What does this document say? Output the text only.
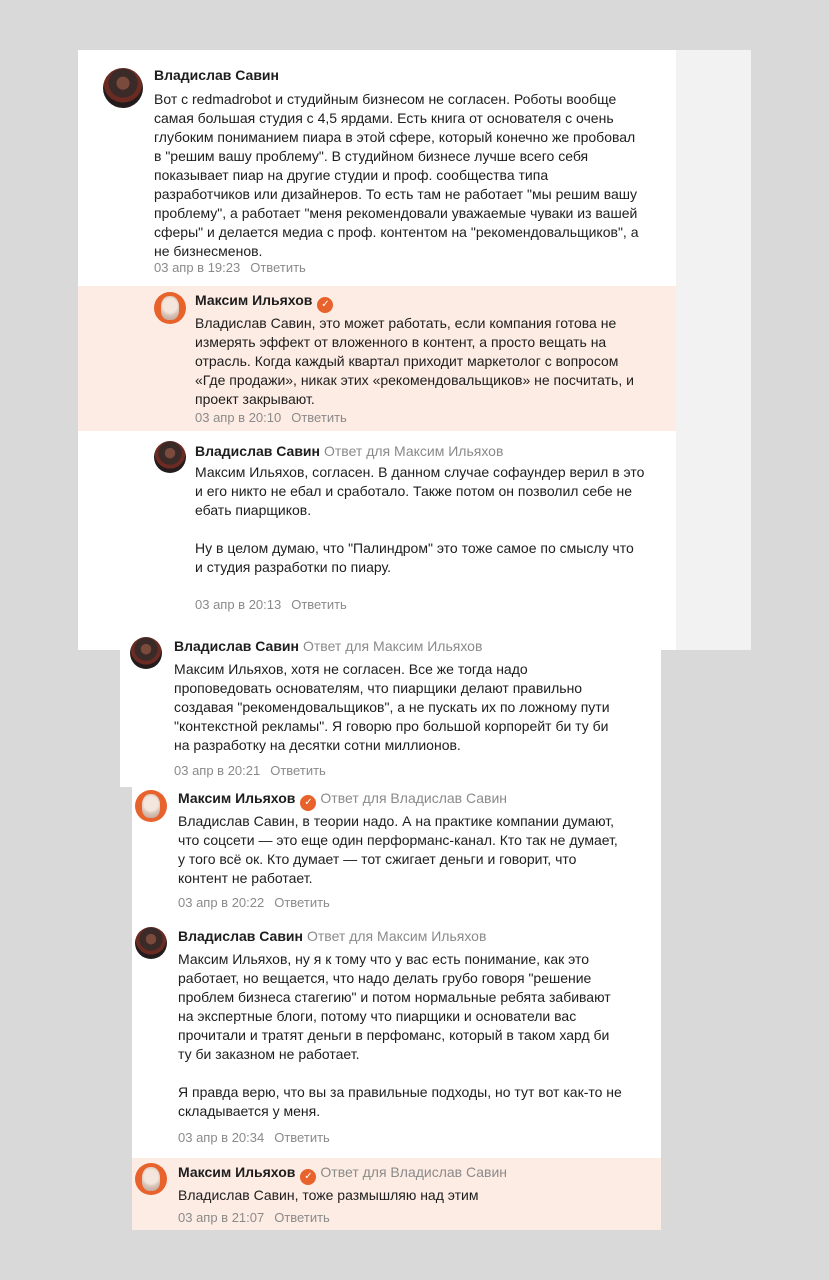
Владислав Савин
Вот с redmadrobot и студийным бизнесом не согласен. Роботы вообще
самая большая студия с 4,5 ярдами. Есть книга от основателя с очень
глубоким пониманием пиара в этой сфере, который конечно же пробовал
в "решим вашу проблему". В студийном бизнесе лучше всего себя
показывает пиар на другие студии и проф. сообщества типа
разработчиков или дизайнеров. То есть там не работает "мы решим вашу
проблему", а работает "меня рекомендовали уважаемые чуваки из вашей
сферы" и делается медиа с проф. контентом на "рекомендовальщиков", а
не бизнесменов.
03 апр в 19:23 Ответить
Максим Ильяхов ✓
Владислав Савин, это может работать, если компания готова не
измерять эффект от вложенного в контент, а просто вещать на
отрасль. Когда каждый квартал приходит маркетолог с вопросом
«Где продажи», никак этих «рекомендовальщиков» не посчитать, и
проект закрывают.
03 апр в 20:10 Ответить
Владислав Савин Ответ для Максим Ильяхов
Максим Ильяхов, согласен. В данном случае софаундер верил в это
и его никто не ебал и сработало. Также потом он позволил себе не
ебать пиарщиков.

Ну в целом думаю, что "Палиндром" это тоже самое по смыслу что
и студия разработки по пиару.
03 апр в 20:13 Ответить
Владислав Савин Ответ для Максим Ильяхов
Максим Ильяхов, хотя не согласен. Все же тогда надо
проповедовать основателям, что пиарщики делают правильно
создавая "рекомендовальщиков", а не пускать их по ложному пути
"контекстной рекламы". Я говорю про большой корпорейт би ту би
на разработку на десятки сотни миллионов.
03 апр в 20:21 Ответить
Максим Ильяхов ✓ Ответ для Владислав Савин
Владислав Савин, в теории надо. А на практике компании думают,
что соцсети — это еще один перформанс-канал. Кто так не думает,
у того всё ок. Кто думает — тот сжигает деньги и говорит, что
контент не работает.
03 апр в 20:22 Ответить
Владислав Савин Ответ для Максим Ильяхов
Максим Ильяхов, ну я к тому что у вас есть понимание, как это
работает, но вещается, что надо делать грубо говоря "решение
проблем бизнеса стагегию" и потом нормальные ребята забивают
на экспертные блоги, потому что пиарщики и основатели вас
прочитали и тратят деньги в перфоманс, который в таком хард би
ту би заказном не работает.

Я правда верю, что вы за правильные подходы, но тут вот как-то не
складывается у меня.
03 апр в 20:34 Ответить
Максим Ильяхов ✓ Ответ для Владислав Савин
Владислав Савин, тоже размышляю над этим
03 апр в 21:07 Ответить
